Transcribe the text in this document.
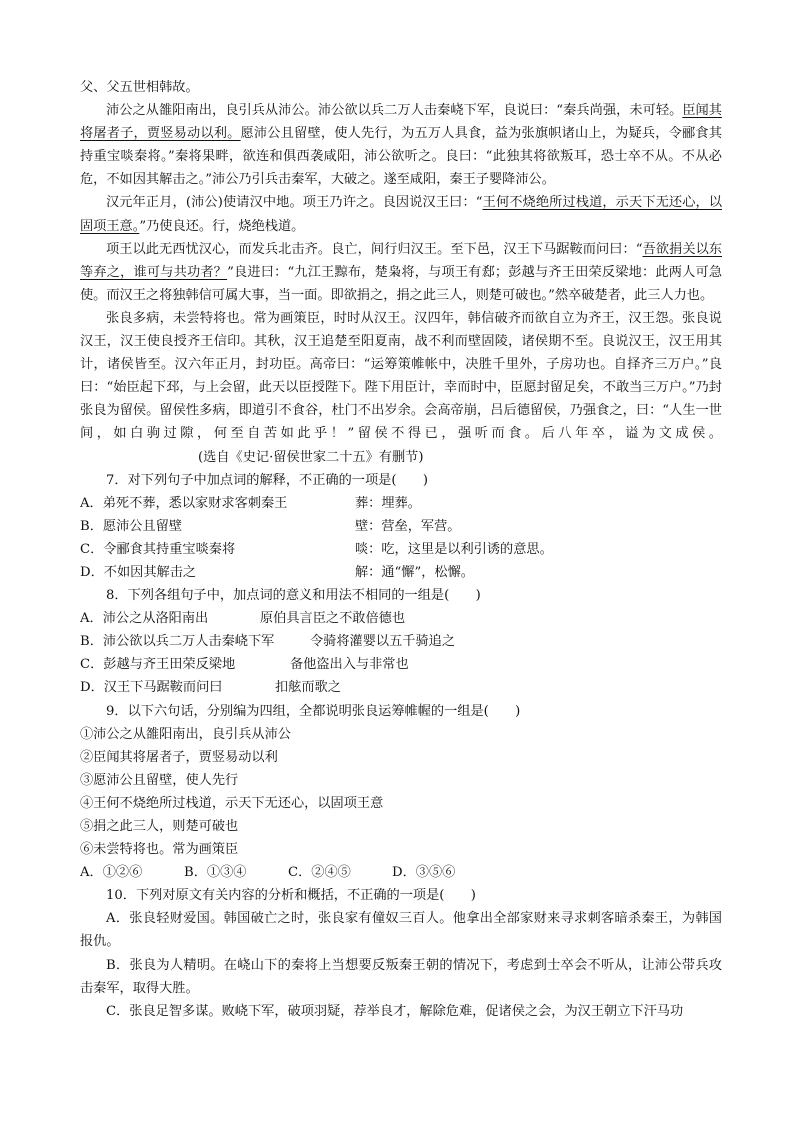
父、父五世相韩故。

沛公之从雒阳南出，良引兵从沛公。沛公欲以兵二万人击秦峣下军，良说曰：“秦兵尚强，未可轻。臣闻其将屠者子，贾竖易动以利。愿沛公且留壁，使人先行，为五万人具食，益为张旗帜诸山上，为疑兵，令郦食其持重宝啖秦将。”秦将果畔，欲连和俱西袭咸阳，沛公欲听之。良曰：“此独其将欲叛耳，恐士卒不从。不从必危，不如因其解击之。”沛公乃引兵击秦军，大破之。遂至咸阳，秦王子婴降沛公。

汉元年正月，(沛公)使请汉中地。项王乃许之。良因说汉王曰：“王何不烧绝所过栈道，示天下无还心，以固项王意。”乃使良还。行，烧绝栈道。

项王以此无西忧汉心，而发兵北击齐。良亡，间行归汉王。至下邑，汉王下马踞鞍而问曰：“吾欲捐关以东等弃之，谁可与共功者？”良进曰：“九江王黥布，楚枭将，与项王有郄；彭越与齐王田荣反梁地：此两人可急使。而汉王之将独韩信可属大事，当一面。即欲捐之，捐之此三人，则楚可破也。”然卒破楚者，此三人力也。

张良多病，未尝特将也。常为画策臣，时时从汉王。汉四年，韩信破齐而欲自立为齐王，汉王怨。张良说汉王，汉王使良授齐王信印。其秋，汉王追楚至阳夏南，战不利而壁固陵，诸侯期不至。良说汉王，汉王用其计，诸侯皆至。汉六年正月，封功臣。高帝曰：“运筹策帷帐中，决胜千里外，子房功也。自择齐三万户。”良曰：“始臣起下邳，与上会留，此天以臣授陛下。陛下用臣计，幸而时中，臣愿封留足矣，不敢当三万户。”乃封张良为留侯。留侯性多病，即道引不食谷，杜门不出岁余。会高帝崩，吕后德留侯，乃强食之，曰：“人生一世间，如白驹过隙，何至自苦如此乎！”留侯不得已，强听而食。后八年卒，谥为文成侯。(选自《史记·留侯世家二十五》有删节)

7．对下列句子中加点词的解释，不正确的一项是(　　)

A．弟死不葬，悉以家财求客刺秦王	葬：埋葬。
B．愿沛公且留壁	壁：营垒，军营。
C．令郦食其持重宝啖秦将	啖：吃，这里是以利引诱的意思。
D．不如因其解击之	解：通“懈”，松懈。

8．下列各组句子中，加点词的意义和用法不相同的一组是(　　)

A．沛公之从洛阳南出	原伯具言臣之不敢倍德也
B．沛公欲以兵二万人击秦峣下军	令骑将灌婴以五千骑追之
C．彭越与齐王田荣反梁地	备他盗出入与非常也
D．汉王下马踞鞍而问曰	扣舷而歌之

9．以下六句话，分别编为四组，全都说明张良运筹帷幄的一组是(　　)

①沛公之从雒阳南出，良引兵从沛公

②臣闻其将屠者子，贾竖易动以利

③愿沛公且留壁，使人先行

④王何不烧绝所过栈道，示天下无还心，以固项王意

⑤捐之此三人，则楚可破也

⑥未尝特将也。常为画策臣

A．①②⑥	B．①③④	C．②④⑤	D．③⑤⑥

10．下列对原文有关内容的分析和概括，不正确的一项是(　　)

A．张良轻财爱国。韩国破亡之时，张良家有僮奴三百人。他拿出全部家财来寻求刺客暗杀秦王，为韩国报仇。

B．张良为人精明。在峣山下的秦将上当想要反叛秦王朝的情况下，考虑到士卒会不听从，让沛公带兵攻击秦军，取得大胜。

C．张良足智多谋。败峣下军，破项羽疑，荐举良才，解除危难，促诸侯之会，为汉王朝立下汗马功
